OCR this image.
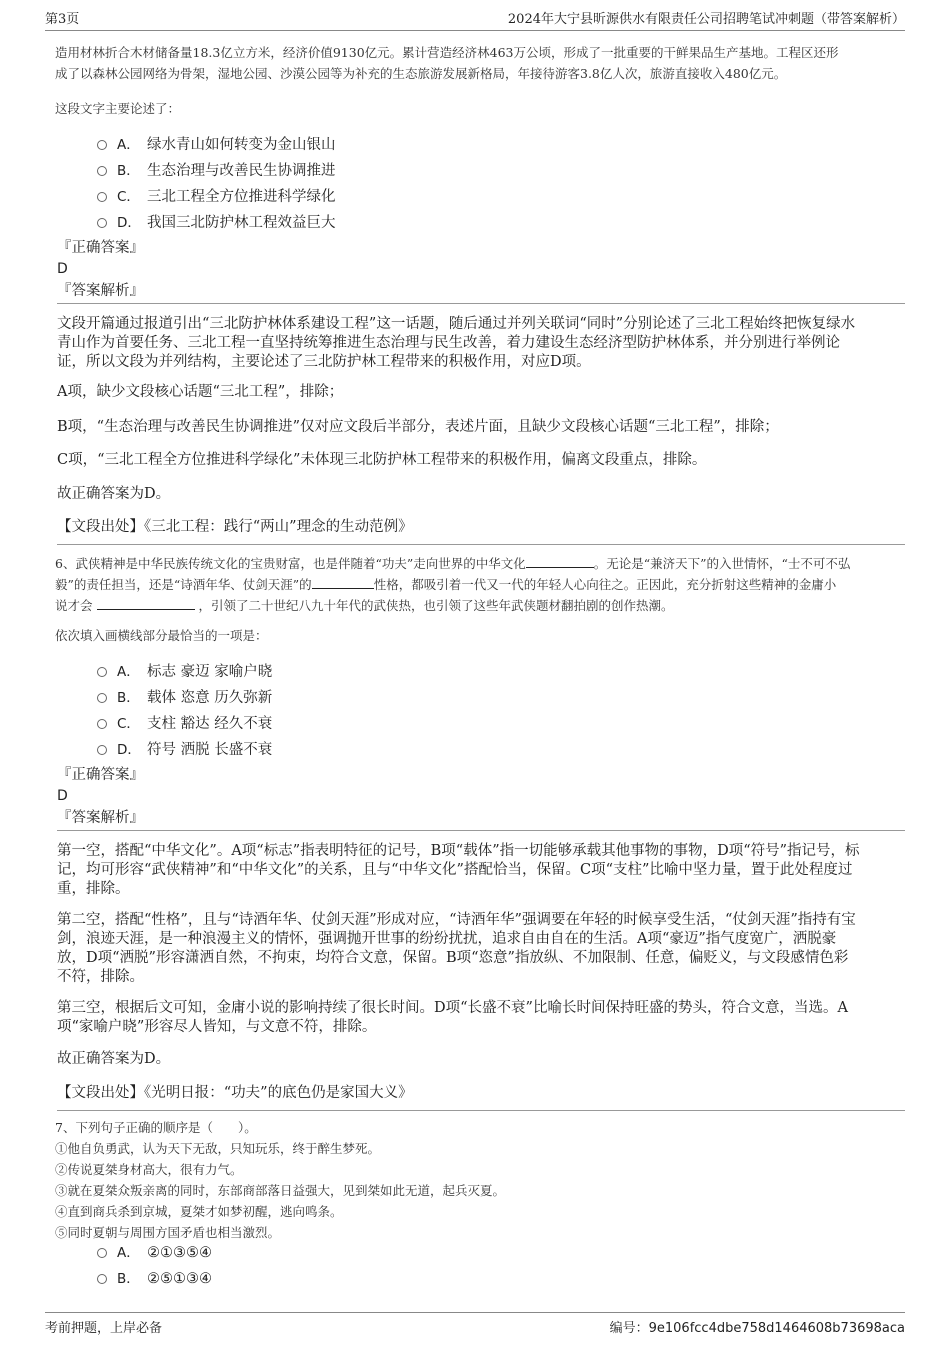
第3页	2024年大宁县昕源供水有限责任公司招聘笔试冲刺题（带答案解析）
造用材林折合木材储备量18.3亿立方米，经济价值9130亿元。累计营造经济林463万公顷，形成了一批重要的干鲜果品生产基地。工程区还形
成了以森林公园网络为骨架，湿地公园、沙漠公园等为补充的生态旅游发展新格局，年接待游客3.8亿人次，旅游直接收入480亿元。
这段文字主要论述了：
A． 绿水青山如何转变为金山银山
B． 生态治理与改善民生协调推进
C． 三北工程全方位推进科学绿化
D． 我国三北防护林工程效益巨大
『正确答案』
D
『答案解析』
文段开篇通过报道引出“三北防护林体系建设工程”这一话题，随后通过并列关联词“同时”分别论述了三北工程始终把恢复绿水
青山作为首要任务、三北工程一直坚持统筹推进生态治理与民生改善，着力建设生态经济型防护林体系，并分别进行举例论
证，所以文段为并列结构，主要论述了三北防护林工程带来的积极作用，对应D项。
A项，缺少文段核心话题“三北工程”，排除；
B项，“生态治理与改善民生协调推进”仅对应文段后半部分，表述片面，且缺少文段核心话题“三北工程”，排除；
C项，“三北工程全方位推进科学绿化”未体现三北防护林工程带来的积极作用，偏离文段重点，排除。
故正确答案为D。
【文段出处】《三北工程：践行“两山”理念的生动范例》
6、武侠精神是中华民族传统文化的宝贵财富，也是伴随着“功夫”走向世界的中华文化	。无论是“兼济天下”的入世情怀，“士不可不弘
毅”的责任担当，还是“诗酒年华、仗剑天涯”的	性格，都吸引着一代又一代的年轻人心向往之。正因此，充分折射这些精神的金庸小
说才会	，引领了二十世纪八九十年代的武侠热，也引领了这些年武侠题材翻拍剧的创作热潮。
依次填入画横线部分最恰当的一项是：
A． 标志 豪迈 家喻户晓
B． 载体 恣意 历久弥新
C． 支柱 豁达 经久不衰
D． 符号 洒脱 长盛不衰
『正确答案』
D
『答案解析』
第一空，搭配“中华文化”。A项“标志”指表明特征的记号，B项“载体”指一切能够承载其他事物的事物，D项“符号”指记号，标
记，均可形容“武侠精神”和“中华文化”的关系，且与“中华文化”搭配恰当，保留。C项“支柱”比喻中坚力量，置于此处程度过
重，排除。
第二空，搭配“性格”，且与“诗酒年华、仗剑天涯”形成对应，“诗酒年华”强调要在年轻的时候享受生活，“仗剑天涯”指持有宝
剑，浪迹天涯，是一种浪漫主义的情怀，强调抛开世事的纷纷扰扰，追求自由自在的生活。A项“豪迈”指气度宽广，洒脱豪
放，D项“洒脱”形容潇洒自然，不拘束，均符合文意，保留。B项“恣意”指放纵、不加限制、任意，偏贬义，与文段感情色彩
不符，排除。
第三空，根据后文可知，金庸小说的影响持续了很长时间。D项“长盛不衰”比喻长时间保持旺盛的势头，符合文意，当选。A
项“家喻户晓”形容尽人皆知，与文意不符，排除。
故正确答案为D。
【文段出处】《光明日报：“功夫”的底色仍是家国大义》
7、下列句子正确的顺序是（　　）。
①他自负勇武，认为天下无敌，只知玩乐，终于醉生梦死。
②传说夏桀身材高大，很有力气。
③就在夏桀众叛亲离的同时，东部商部落日益强大，见到桀如此无道，起兵灭夏。
④直到商兵杀到京城，夏桀才如梦初醒，逃向鸣条。
⑤同时夏朝与周围方国矛盾也相当激烈。
A． ②①③⑤④
B． ②⑤①③④
考前押题，上岸必备	编号：9e106fcc4dbe758d1464608b73698aca
